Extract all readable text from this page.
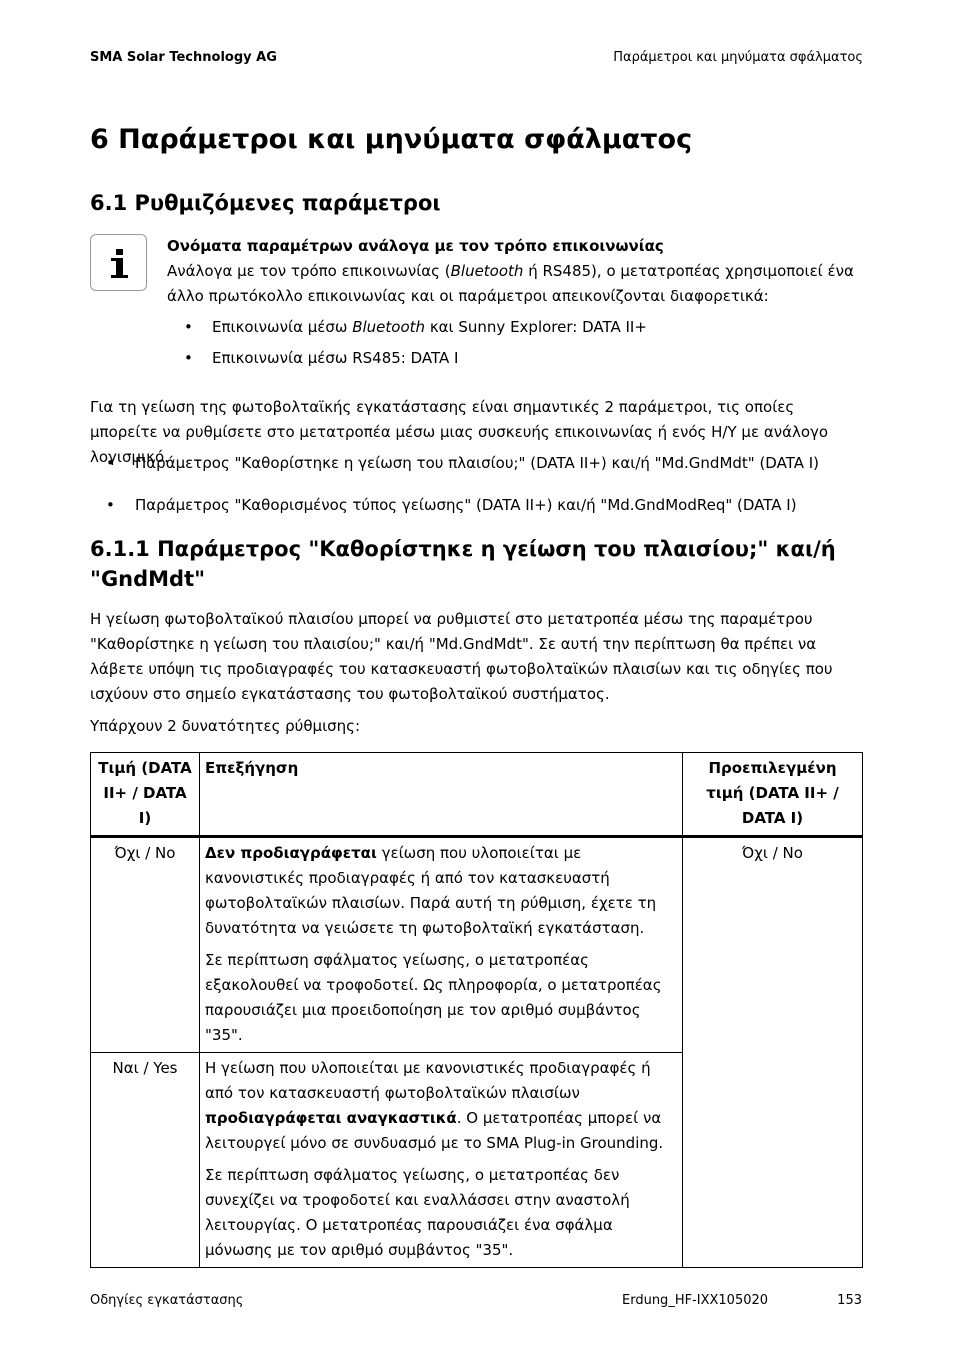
SMA Solar Technology AG	Παράμετροι και μηνύματα σφάλματος
6 Παράμετροι και μηνύματα σφάλματος
6.1 Ρυθμιζόμενες παράμετροι

Ονόματα παραμέτρων ανάλογα με τον τρόπο επικοινωνίας

Ανάλογα με τον τρόπο επικοινωνίας (Bluetooth ή RS485), ο μετατροπέας χρησιμοποιεί ένα άλλο πρωτόκολλο επικοινωνίας και οι παράμετροι απεικονίζονται διαφορετικά:

• Επικοινωνία μέσω Bluetooth και Sunny Explorer: DATA II+
• Επικοινωνία μέσω RS485: DATA I

Για τη γείωση της φωτοβολταϊκής εγκατάστασης είναι σημαντικές 2 παράμετροι, τις οποίες μπορείτε να ρυθμίσετε στο μετατροπέα μέσω μιας συσκευής επικοινωνίας ή ενός Η/Υ με ανάλογο λογισμικό.

• Παράμετρος "Καθορίστηκε η γείωση του πλαισίου;" (DATA II+) και/ή "Md.GndMdt" (DATA I)
• Παράμετρος "Καθορισμένος τύπος γείωσης" (DATA II+) και/ή "Md.GndModReq" (DATA I)
6.1.1 Παράμετρος "Καθορίστηκε η γείωση του πλαισίου;" και/ή "GndMdt"

Η γείωση φωτοβολταϊκού πλαισίου μπορεί να ρυθμιστεί στο μετατροπέα μέσω της παραμέτρου "Καθορίστηκε η γείωση του πλαισίου;" και/ή "Md.GndMdt". Σε αυτή την περίπτωση θα πρέπει να λάβετε υπόψη τις προδιαγραφές του κατασκευαστή φωτοβολταϊκών πλαισίων και τις οδηγίες που ισχύουν στο σημείο εγκατάστασης του φωτοβολταϊκού συστήματος.

Υπάρχουν 2 δυνατότητες ρύθμισης:

Τιμή (DATA II+ / DATA I)	Επεξήγηση	Προεπιλεγμένη τιμή (DATA II+ / DATA I)
Όχι / No	Δεν προδιαγράφεται γείωση που υλοποιείται με κανονιστικές προδιαγραφές ή από τον κατασκευαστή φωτοβολταϊκών πλαισίων. Παρά αυτή τη ρύθμιση, έχετε τη δυνατότητα να γειώσετε τη φωτοβολταϊκή εγκατάσταση.

Σε περίπτωση σφάλματος γείωσης, ο μετατροπέας εξακολουθεί να τροφοδοτεί. Ως πληροφορία, ο μετατροπέας παρουσιάζει μια προειδοποίηση με τον αριθμό συμβάντος "35".	Όχι / No
Ναι / Yes	Η γείωση που υλοποιείται με κανονιστικές προδιαγραφές ή από τον κατασκευαστή φωτοβολταϊκών πλαισίων προδιαγράφεται αναγκαστικά. Ο μετατροπέας μπορεί να λειτουργεί μόνο σε συνδυασμό με το SMA Plug-in Grounding.

Σε περίπτωση σφάλματος γείωσης, ο μετατροπέας δεν συνεχίζει να τροφοδοτεί και εναλλάσσει στην αναστολή λειτουργίας. Ο μετατροπέας παρουσιάζει ένα σφάλμα μόνωσης με τον αριθμό συμβάντος "35".	

Οδηγίες εγκατάστασης	Erdung_HF-IXX105020	153
